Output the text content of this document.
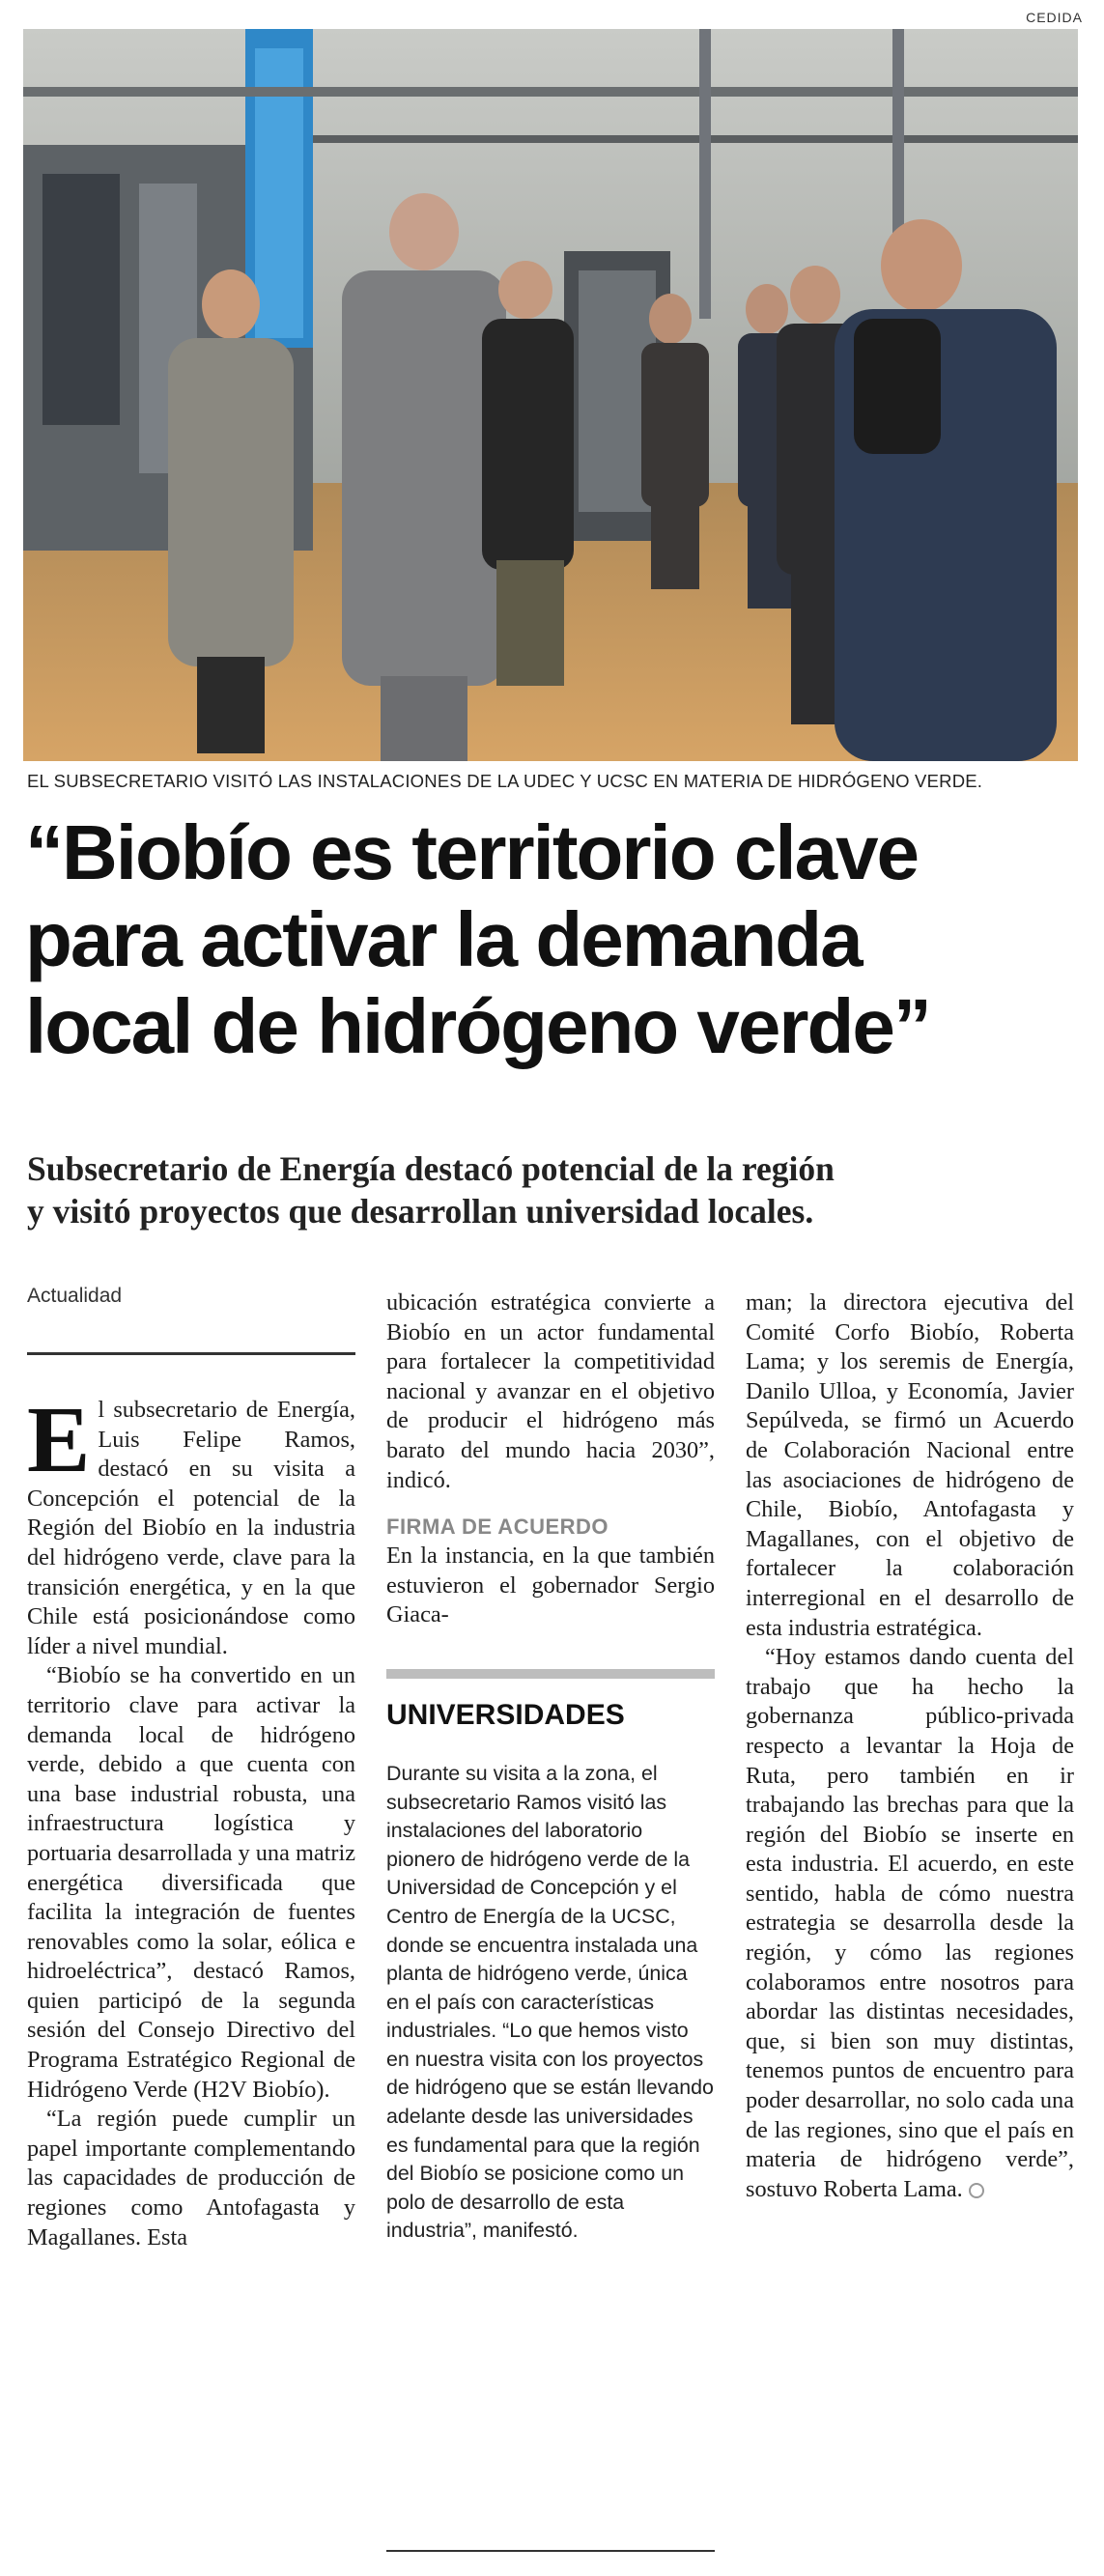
CEDIDA
EL SUBSECRETARIO VISITÓ LAS INSTALACIONES DE LA UDEC Y UCSC EN MATERIA DE HIDRÓGENO VERDE.
“Biobío es territorio clave
para activar la demanda
local de hidrógeno verde”
Subsecretario de Energía destacó potencial de la región
y visitó proyectos que desarrollan universidad locales.
Actualidad

El subsecretario de Energía, Luis Felipe Ramos, destacó en su visita a Concepción el potencial de la Región del Biobío en la industria del hidrógeno verde, clave para la transición energética, y en la que Chile está posicionándose como líder a nivel mundial.

“Biobío se ha convertido en un territorio clave para activar la demanda local de hidrógeno verde, debido a que cuenta con una base industrial robusta, una infraestructura logística y portuaria desarrollada y una matriz energética diversificada que facilita la integración de fuentes renovables como la solar, eólica e hidroeléctrica”, destacó Ramos, quien participó de la segunda sesión del Consejo Directivo del Programa Estratégico Regional de Hidrógeno Verde (H2V Biobío).

“La región puede cumplir un papel importante complementando las capacidades de producción de regiones como Antofagasta y Magallanes. Esta

ubicación estratégica convierte a Biobío en un actor fundamental para fortalecer la competitividad nacional y avanzar en el objetivo de producir el hidrógeno más barato del mundo hacia 2030”, indicó.

FIRMA DE ACUERDO

En la instancia, en la que también estuvieron el gobernador Sergio Giaca-

UNIVERSIDADES

Durante su visita a la zona, el subsecretario Ramos visitó las instalaciones del laboratorio pionero de hidrógeno verde de la Universidad de Concepción y el Centro de Energía de la UCSC, donde se encuentra instalada una planta de hidrógeno verde, única en el país con características industriales. “Lo que hemos visto en nuestra visita con los proyectos de hidrógeno que se están llevando adelante desde las universidades es fundamental para que la región del Biobío se posicione como un polo de desarrollo de esta industria”, manifestó.

man; la directora ejecutiva del Comité Corfo Biobío, Roberta Lama; y los seremis de Energía, Danilo Ulloa, y Economía, Javier Sepúlveda, se firmó un Acuerdo de Colaboración Nacional entre las asociaciones de hidrógeno de Chile, Biobío, Antofagasta y Magallanes, con el objetivo de fortalecer la colaboración interregional en el desarrollo de esta industria estratégica.

“Hoy estamos dando cuenta del trabajo que ha hecho la gobernanza público-privada respecto a levantar la Hoja de Ruta, pero también en ir trabajando las brechas para que la región del Biobío se inserte en esta industria. El acuerdo, en este sentido, habla de cómo nuestra estrategia se desarrolla desde la región, y cómo las regiones colaboramos entre nosotros para abordar las distintas necesidades, que, si bien son muy distintas, tenemos puntos de encuentro para poder desarrollar, no solo cada una de las regiones, sino que el país en materia de hidrógeno verde”, sostuvo Roberta Lama.
